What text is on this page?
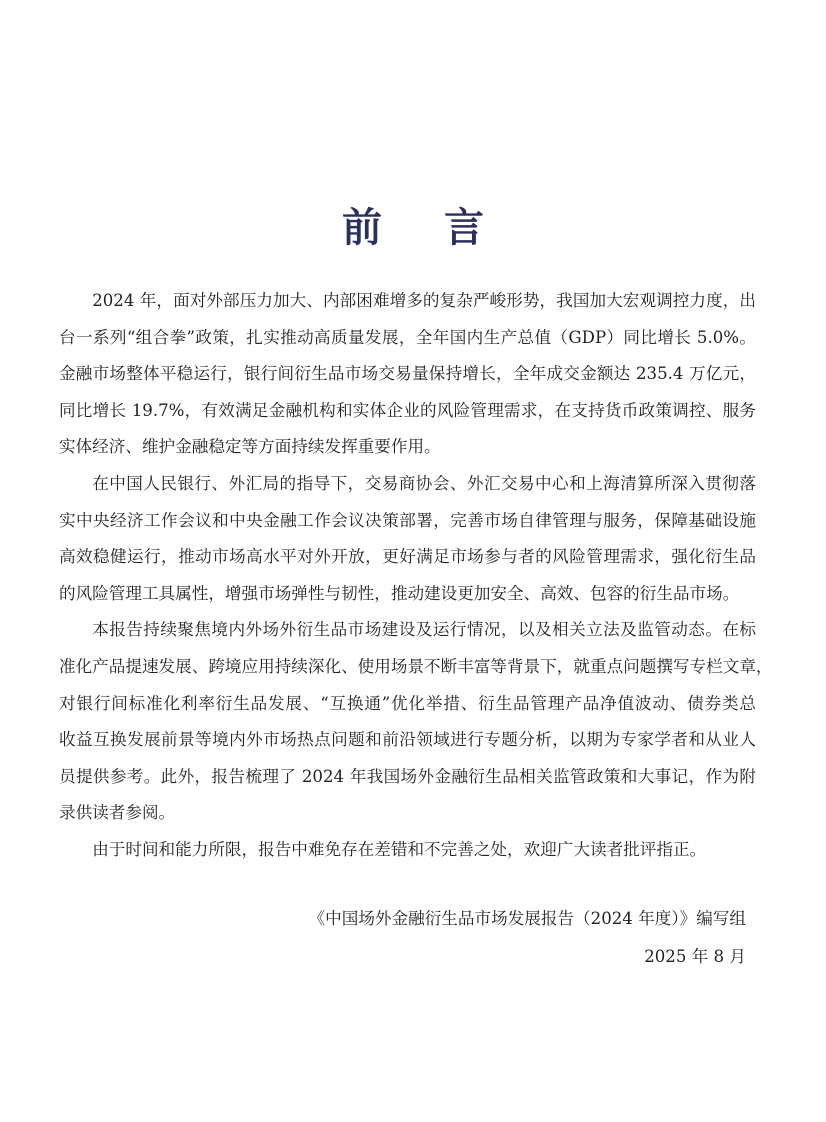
前 言
2024 年，面对外部压力加大、内部困难增多的复杂严峻形势，我国加大宏观调控力度，出
台一系列“组合拳”政策，扎实推动高质量发展，全年国内生产总值（GDP）同比增长 5.0%。
金融市场整体平稳运行，银行间衍生品市场交易量保持增长，全年成交金额达 235.4 万亿元，
同比增长 19.7%，有效满足金融机构和实体企业的风险管理需求，在支持货币政策调控、服务
实体经济、维护金融稳定等方面持续发挥重要作用。
在中国人民银行、外汇局的指导下，交易商协会、外汇交易中心和上海清算所深入贯彻落
实中央经济工作会议和中央金融工作会议决策部署，完善市场自律管理与服务，保障基础设施
高效稳健运行，推动市场高水平对外开放，更好满足市场参与者的风险管理需求，强化衍生品
的风险管理工具属性，增强市场弹性与韧性，推动建设更加安全、高效、包容的衍生品市场。
本报告持续聚焦境内外场外衍生品市场建设及运行情况，以及相关立法及监管动态。在标
准化产品提速发展、跨境应用持续深化、使用场景不断丰富等背景下，就重点问题撰写专栏文章，
对银行间标准化利率衍生品发展、“互换通”优化举措、衍生品管理产品净值波动、债券类总
收益互换发展前景等境内外市场热点问题和前沿领域进行专题分析，以期为专家学者和从业人
员提供参考。此外，报告梳理了 2024 年我国场外金融衍生品相关监管政策和大事记，作为附
录供读者参阅。
由于时间和能力所限，报告中难免存在差错和不完善之处，欢迎广大读者批评指正。
《中国场外金融衍生品市场发展报告（2024 年度）》编写组
2025 年 8 月
